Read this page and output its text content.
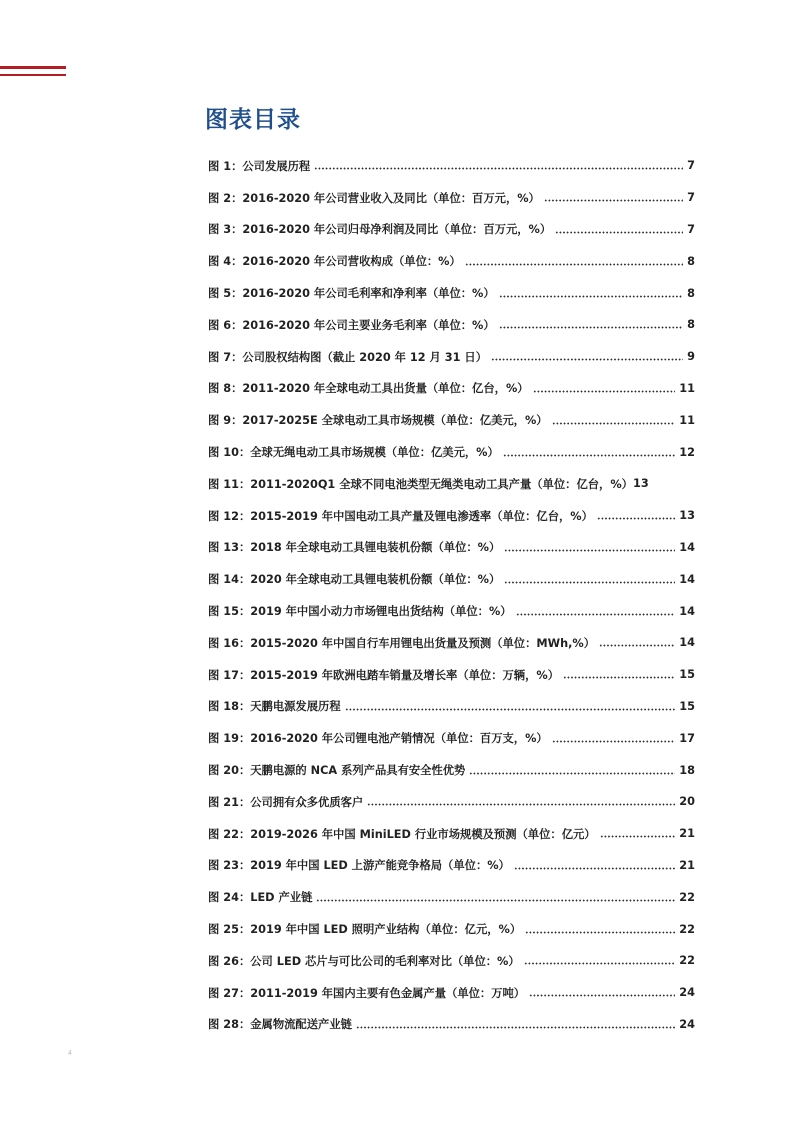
图表目录
图 1：公司发展历程	7
图 2：2016-2020 年公司营业收入及同比（单位：百万元，%）	7
图 3：2016-2020 年公司归母净利润及同比（单位：百万元，%）	7
图 4：2016-2020 年公司营收构成（单位：%）	8
图 5：2016-2020 年公司毛利率和净利率（单位：%）	8
图 6：2016-2020 年公司主要业务毛利率（单位：%）	8
图 7：公司股权结构图（截止 2020 年 12 月 31 日）	9
图 8：2011-2020 年全球电动工具出货量（单位：亿台，%）	11
图 9：2017-2025E 全球电动工具市场规模（单位：亿美元，%）	11
图 10：全球无绳电动工具市场规模（单位：亿美元，%）	12
图 11：2011-2020Q1 全球不同电池类型无绳类电动工具产量（单位：亿台，%） 13
图 12：2015-2019 年中国电动工具产量及锂电渗透率（单位：亿台，%）	13
图 13：2018 年全球电动工具锂电装机份额（单位：%）	14
图 14：2020 年全球电动工具锂电装机份额（单位：%）	14
图 15：2019 年中国小动力市场锂电出货结构（单位：%）	14
图 16：2015-2020 年中国自行车用锂电出货量及预测（单位：MWh,%）	14
图 17：2015-2019 年欧洲电踏车销量及增长率（单位：万辆，%）	15
图 18：天鹏电源发展历程	15
图 19：2016-2020 年公司锂电池产销情况（单位：百万支，%）	17
图 20：天鹏电源的 NCA 系列产品具有安全性优势	18
图 21：公司拥有众多优质客户	20
图 22：2019-2026 年中国 MiniLED 行业市场规模及预测（单位：亿元）	21
图 23：2019 年中国 LED 上游产能竞争格局（单位：%）	21
图 24：LED 产业链	22
图 25：2019 年中国 LED 照明产业结构（单位：亿元，%）	22
图 26：公司 LED 芯片与可比公司的毛利率对比（单位：%）	22
图 27：2011-2019 年国内主要有色金属产量（单位：万吨）	24
图 28：金属物流配送产业链	24
4
